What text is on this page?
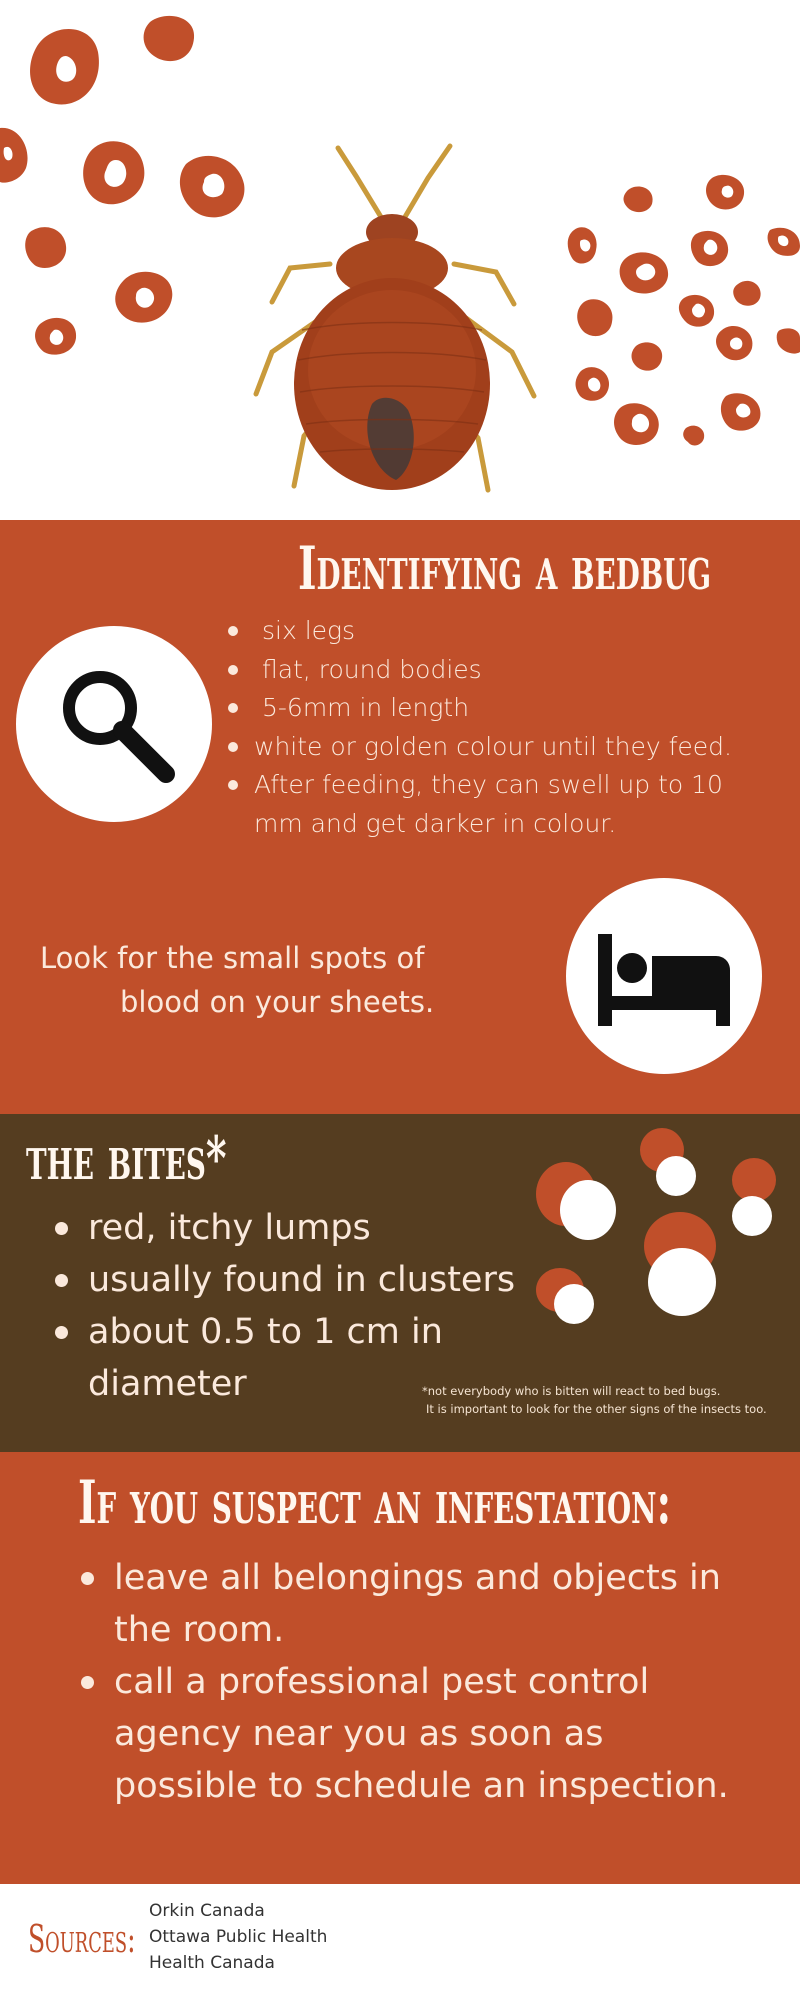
Identifying a bedbug
six legs
flat, round bodies
5-6mm in length
white or golden colour until they feed.
After feeding, they can swell up to 10
mm and get darker in colour.
Look for the small spots of
blood on your sheets.
the bites*
red, itchy lumps
usually found in clusters
about 0.5 to 1 cm in
diameter	*not everybody who is bitten will react to bed bugs.
It is important to look for the other signs of the insects too.
If you suspect an infestation:
leave all belongings and objects in
the room.
call a professional pest control
agency near you as soon as
possible to schedule an inspection.
Sources:
Orkin Canada
Ottawa Public Health
Health Canada
